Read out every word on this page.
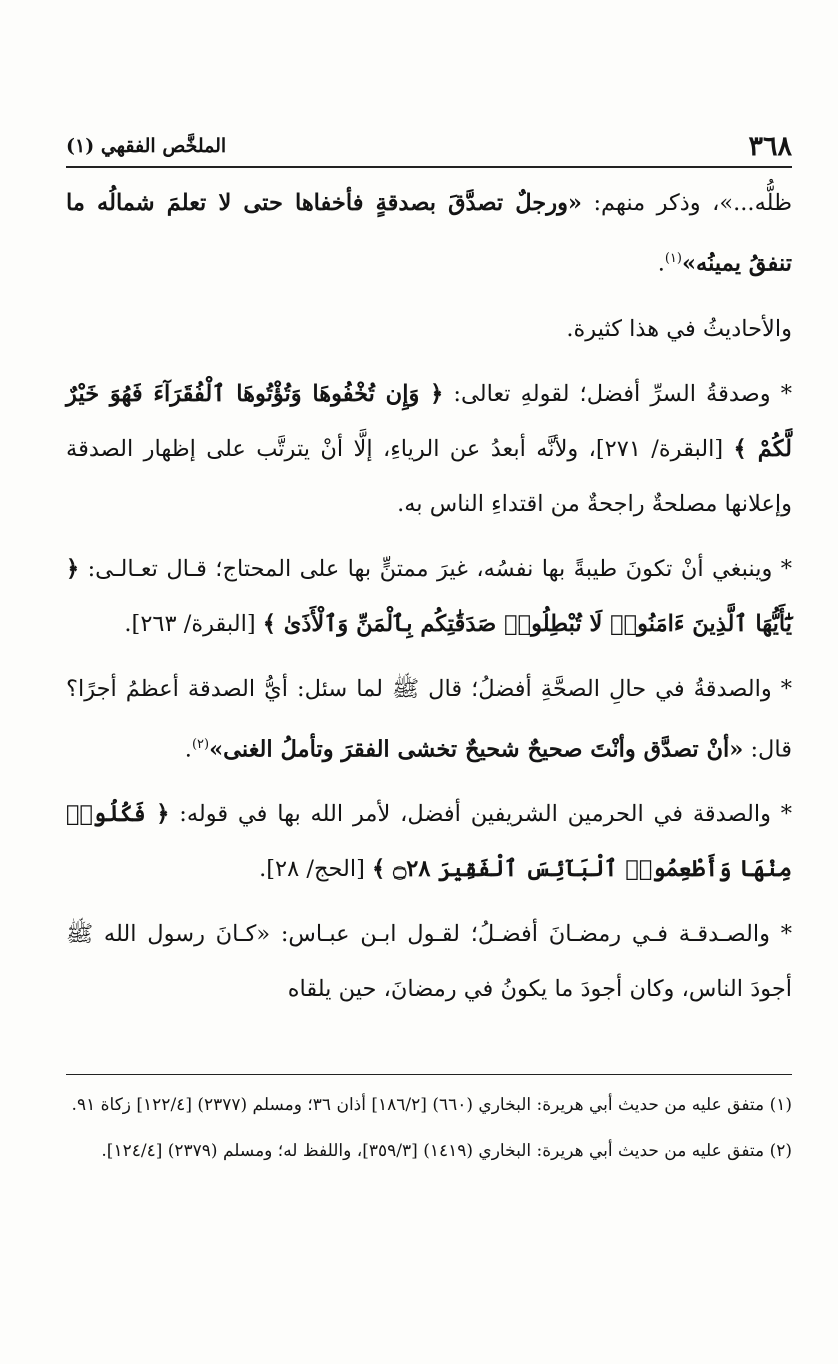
٣٦٨
الملخَّص الفقهي (١)

ظلُّه...»، وذكر منهم: «ورجلٌ تصدَّقَ بصدقةٍ فأخفاها حتى لا تعلمَ شمالُه ما تنفقُ يمينُه»$^{(١)}$.

والأحاديثُ في هذا كثيرة.

* وصدقةُ السرِّ أفضل؛ لقولهِ تعالى: ﴿ وَإِن تُخْفُوهَا وَتُؤْتُوهَا ٱلْفُقَرَآءَ فَهُوَ خَيْرٌ لَّكُمْ ﴾ [البقرة/ ٢٧١]، ولأنَّه أبعدُ عن الرياءِ، إلَّا أنْ يترتَّب على إظهار الصدقة وإعلانها مصلحةٌ راجحةٌ من اقتداءِ الناس به.

* وينبغي أنْ تكونَ طيبةً بها نفسُه، غيرَ ممتنٍّ بها على المحتاج؛ قـال تعـالـى: ﴿ يَٰٓأَيُّهَا ٱلَّذِينَ ءَامَنُوا۟ لَا تُبْطِلُوا۟ صَدَقَٰتِكُم بِٱلْمَنِّ وَٱلْأَذَىٰ ﴾ [البقرة/ ٢٦٣].

* والصدقةُ في حالِ الصحَّةِ أفضلُ؛ قال ﷺ لما سئل: أيُّ الصدقة أعظمُ أجرًا؟ قال: «أنْ تصدَّق وأنْتَ صحيحٌ شحيحٌ تخشى الفقرَ وتأملُ الغنى»$^{(٢)}$.

* والصدقة في الحرمين الشريفين أفضل، لأمر الله بها في قوله: ﴿ فَكُلُوا۟ مِنْهَا وَأَطْعِمُوا۟ ٱلْبَآئِسَ ٱلْفَقِيرَ ۝٢٨ ﴾ [الحج/ ٢٨].

* والصـدقـة فـي رمضـانَ أفضـلُ؛ لقـول ابـن عبـاس: «كـانَ رسول الله ﷺ أجودَ الناس، وكان أجودَ ما يكونُ في رمضانَ، حين يلقاه

(١) متفق عليه من حديث أبي هريرة: البخاري (٦٦٠) [١٨٦/٢] أذان ٣٦؛ ومسلم (٢٣٧٧) [١٢٢/٤] زكاة ٩١.

(٢) متفق عليه من حديث أبي هريرة: البخاري (١٤١٩) [٣٥٩/٣]، واللفظ له؛ ومسلم (٢٣٧٩) [١٢٤/٤].
